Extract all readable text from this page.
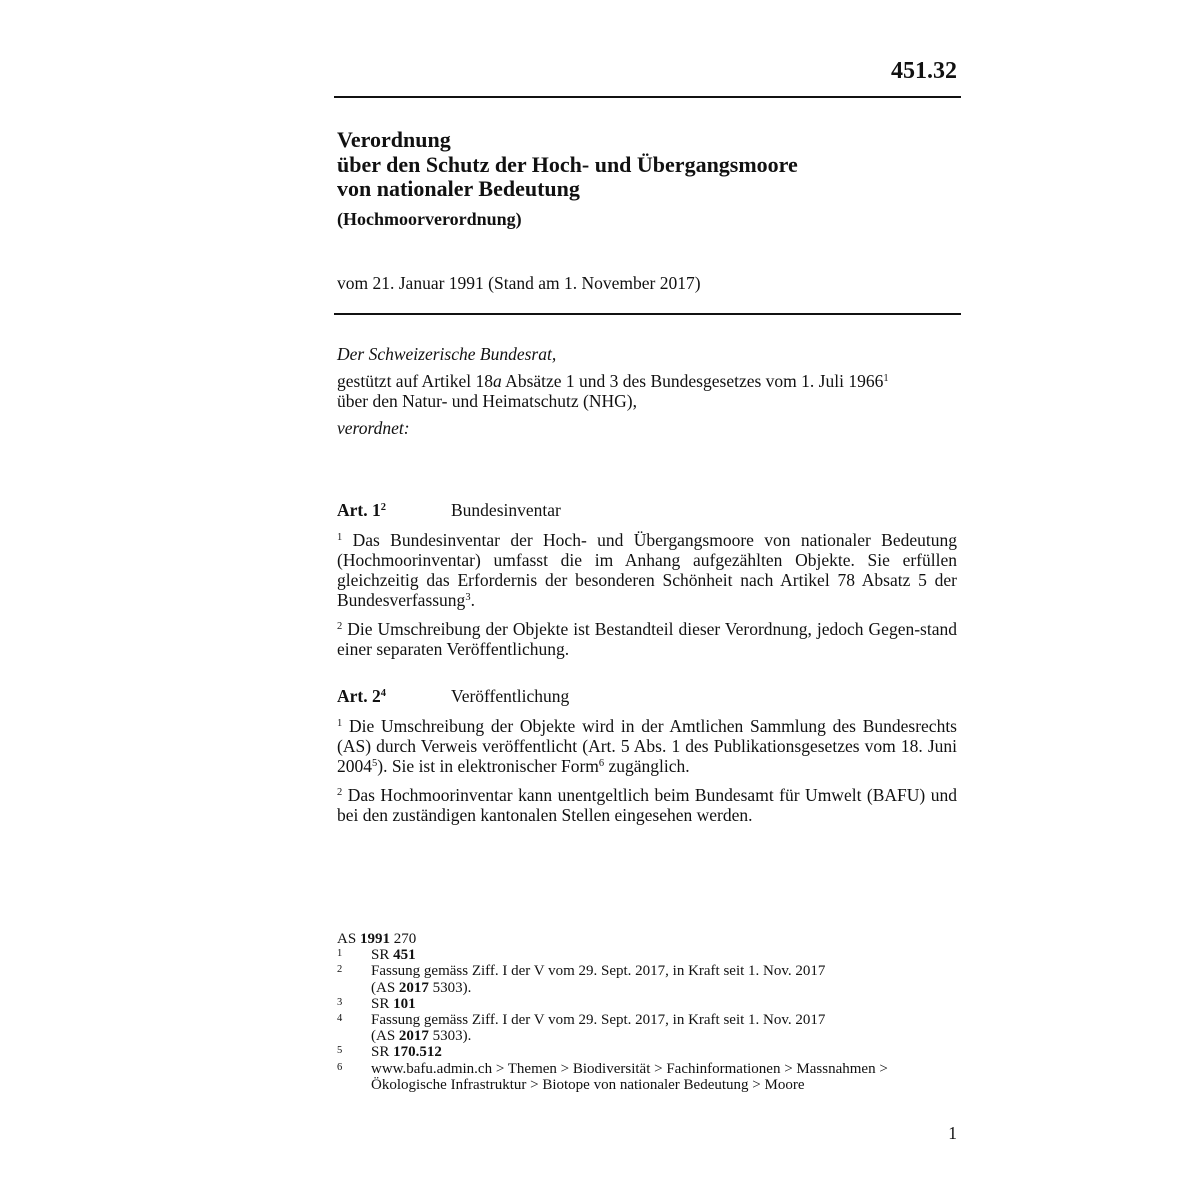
451.32
Verordnung
über den Schutz der Hoch- und Übergangsmoore
von nationaler Bedeutung
(Hochmoorverordnung)
vom 21. Januar 1991 (Stand am 1. November 2017)
Der Schweizerische Bundesrat,
gestützt auf Artikel 18a Absätze 1 und 3 des Bundesgesetzes vom 1. Juli 1966$^1$
über den Natur- und Heimatschutz (NHG),
verordnet:
Art. $1^2$	Bundesinventar
$^1$ Das Bundesinventar der Hoch- und Übergangsmoore von nationaler Bedeutung (Hochmoorinventar) umfasst die im Anhang aufgezählten Objekte. Sie erfüllen gleichzeitig das Erfordernis der besonderen Schönheit nach Artikel 78 Absatz 5 der Bundesverfassung$^3$.
$^2$ Die Umschreibung der Objekte ist Bestandteil dieser Verordnung, jedoch Gegen-stand einer separaten Veröffentlichung.
Art. $2^4$	Veröffentlichung
$^1$ Die Umschreibung der Objekte wird in der Amtlichen Sammlung des Bundesrechts (AS) durch Verweis veröffentlicht (Art. 5 Abs. 1 des Publikationsgesetzes vom 18. Juni 2004$^5$). Sie ist in elektronischer Form$^6$ zugänglich.
$^2$ Das Hochmoorinventar kann unentgeltlich beim Bundesamt für Umwelt (BAFU) und bei den zuständigen kantonalen Stellen eingesehen werden.
AS 1991 270
1	SR 451
2	Fassung gemäss Ziff. I der V vom 29. Sept. 2017, in Kraft seit 1. Nov. 2017
(AS 2017 5303).
3	SR 101
4	Fassung gemäss Ziff. I der V vom 29. Sept. 2017, in Kraft seit 1. Nov. 2017
(AS 2017 5303).
5	SR 170.512
6	www.bafu.admin.ch > Themen > Biodiversität > Fachinformationen > Massnahmen >
Ökologische Infrastruktur > Biotope von nationaler Bedeutung > Moore
1
